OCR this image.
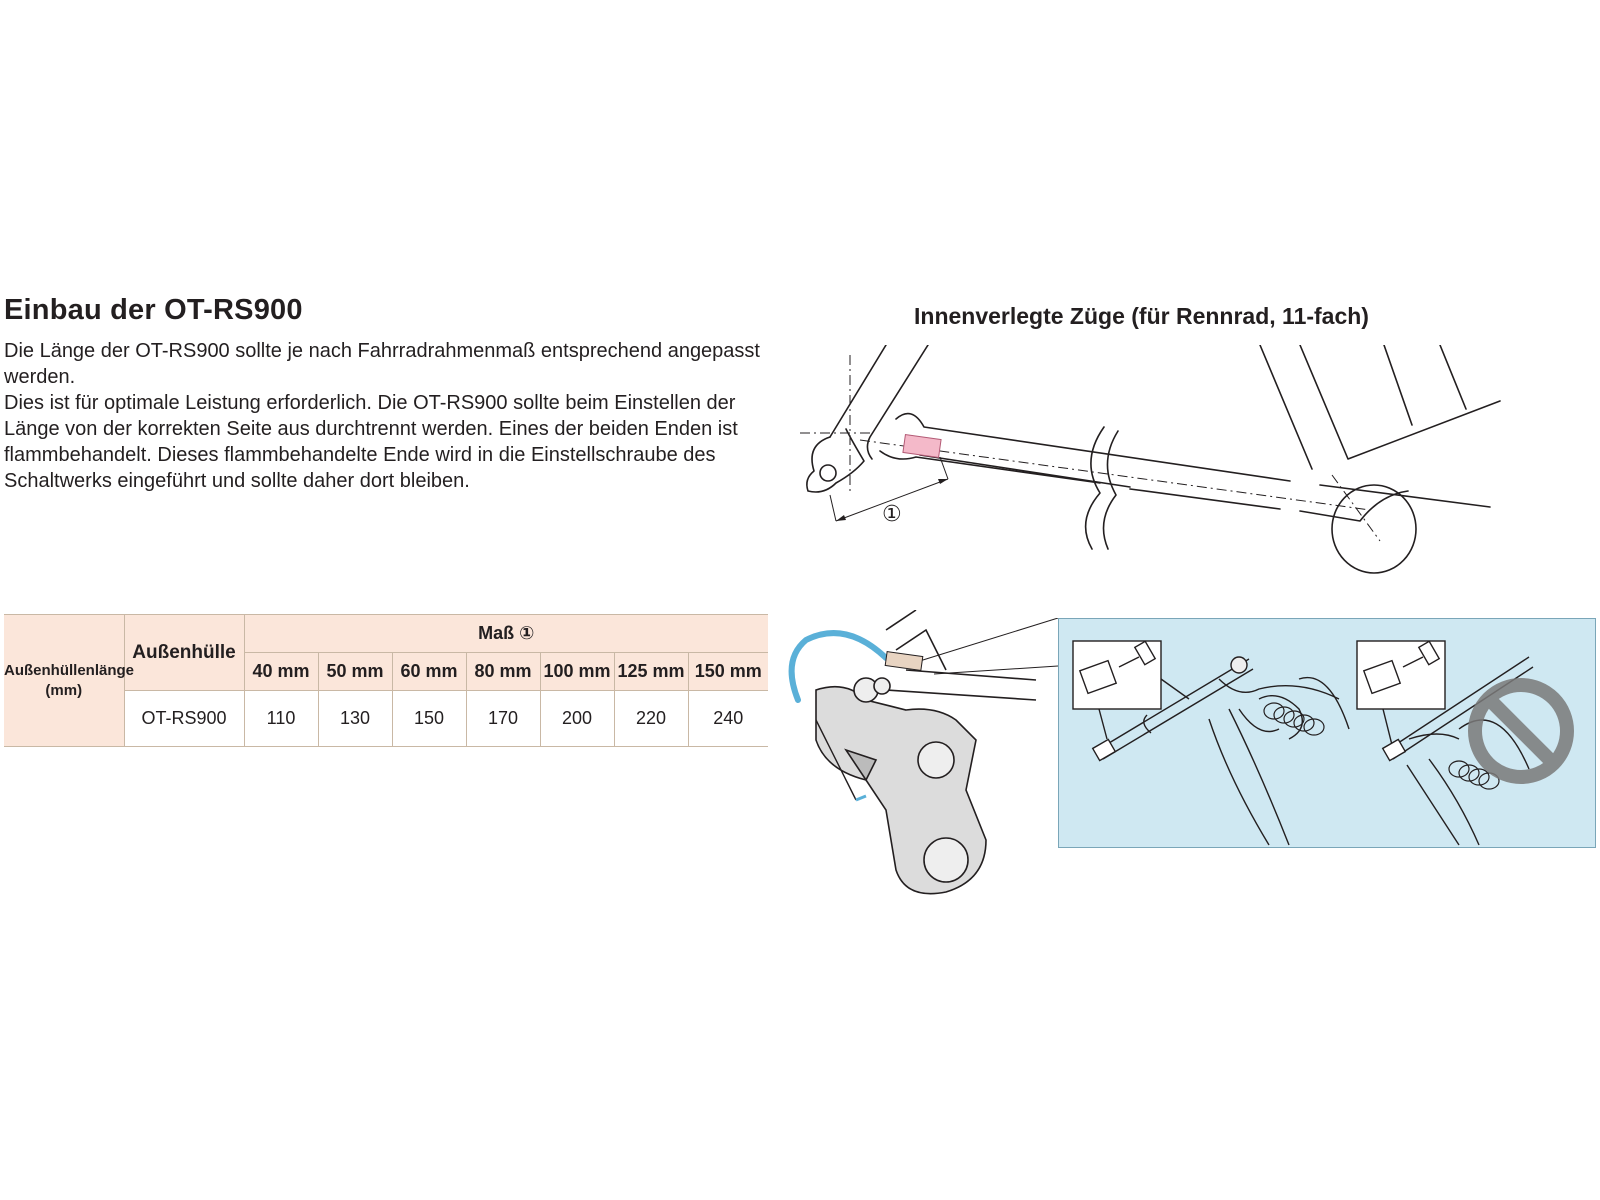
Einbau der OT-RS900

Die Länge der OT-RS900 sollte je nach Fahrradrahmenmaß entsprechend angepasst werden.

Dies ist für optimale Leistung erforderlich. Die OT-RS900 sollte beim Einstellen der Länge von der korrekten Seite aus durchtrennt werden. Eines der beiden Enden ist flammbehandelt. Dieses flammbehandelte Ende wird in die Einstellschraube des Schaltwerks eingeführt und sollte daher dort bleiben.

Innenverlegte Züge (für Rennrad, 11-fach)
①
Außenhüllenlänge
(mm)	Außenhülle	Maß ①						
		40 mm	50 mm	60 mm	80 mm	100 mm	125 mm	150 mm
	OT-RS900	110	130	150	170	200	220	240
